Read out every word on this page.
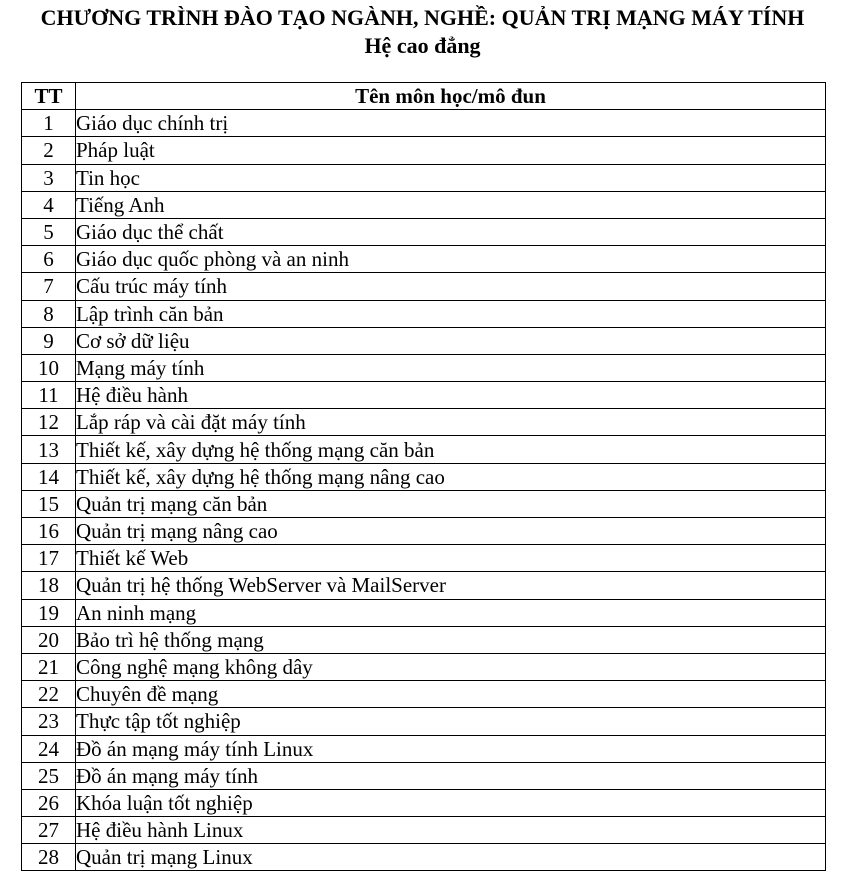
CHƯƠNG TRÌNH ĐÀO TẠO NGÀNH, NGHỀ: QUẢN TRỊ MẠNG MÁY TÍNH
Hệ cao đẳng
TT	Tên môn học/mô đun
1	Giáo dục chính trị
2	Pháp luật
3	Tin học
4	Tiếng Anh
5	Giáo dục thể chất
6	Giáo dục quốc phòng và an ninh
7	Cấu trúc máy tính
8	Lập trình căn bản
9	Cơ sở dữ liệu
10	Mạng máy tính
11	Hệ điều hành
12	Lắp ráp và cài đặt máy tính
13	Thiết kế, xây dựng hệ thống mạng căn bản
14	Thiết kế, xây dựng hệ thống mạng nâng cao
15	Quản trị mạng căn bản
16	Quản trị mạng nâng cao
17	Thiết kế Web
18	Quản trị hệ thống WebServer và MailServer
19	An ninh mạng
20	Bảo trì hệ thống mạng
21	Công nghệ mạng không dây
22	Chuyên đề mạng
23	Thực tập tốt nghiệp
24	Đồ án mạng máy tính Linux
25	Đồ án mạng máy tính
26	Khóa luận tốt nghiệp
27	Hệ điều hành Linux
28	Quản trị mạng Linux
